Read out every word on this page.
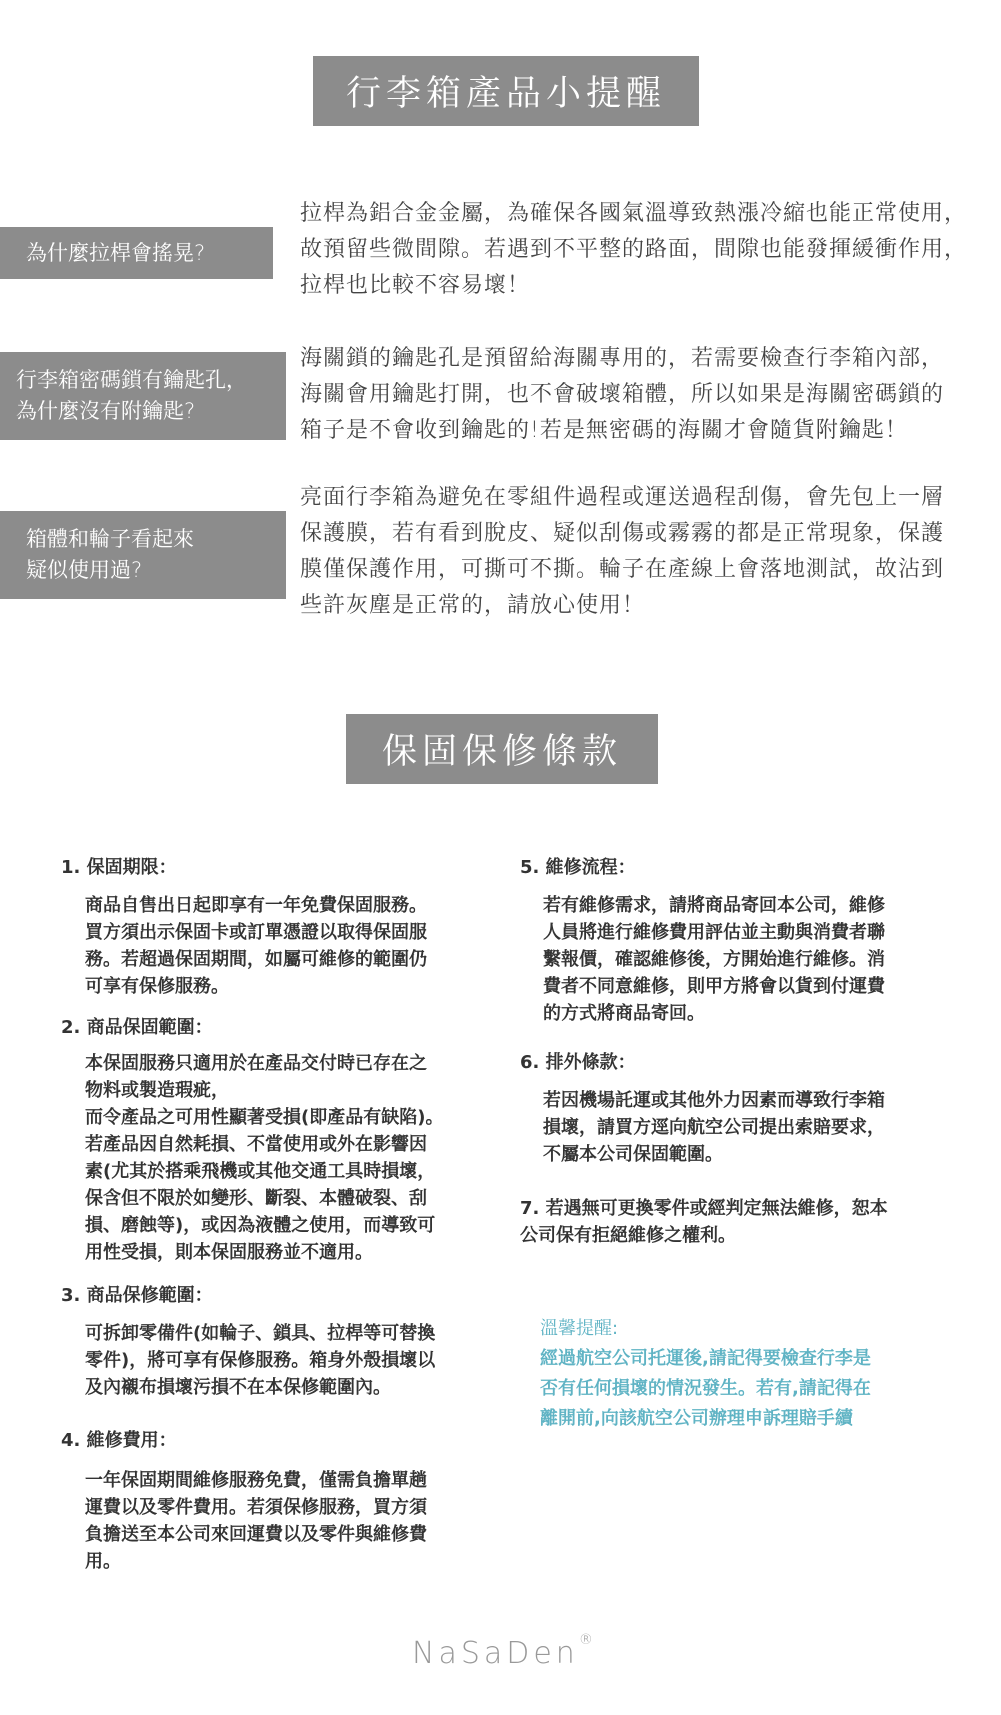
行李箱產品小提醒
為什麼拉桿會搖晃?
拉桿為鋁合金金屬，為確保各國氣溫導致熱漲冷縮也能正常使用，
故預留些微間隙。若遇到不平整的路面，間隙也能發揮緩衝作用，
拉桿也比較不容易壞！
行李箱密碼鎖有鑰匙孔，
為什麼沒有附鑰匙?
海關鎖的鑰匙孔是預留給海關專用的，若需要檢查行李箱內部，
海關會用鑰匙打開，也不會破壞箱體，所以如果是海關密碼鎖的
箱子是不會收到鑰匙的!若是無密碼的海關才會隨貨附鑰匙！
箱體和輪子看起來
疑似使用過?
亮面行李箱為避免在零組件過程或運送過程刮傷，會先包上一層
保護膜，若有看到脫皮、疑似刮傷或霧霧的都是正常現象，保護
膜僅保護作用，可撕可不撕。輪子在產線上會落地測試，故沾到
些許灰塵是正常的，請放心使用！
保固保修條款
1. 保固期限：
商品自售出日起即享有一年免費保固服務。
買方須出示保固卡或訂單憑證以取得保固服
務。若超過保固期間，如屬可維修的範圍仍
可享有保修服務。
2. 商品保固範圍：
本保固服務只適用於在產品交付時已存在之
物料或製造瑕疵，
而令產品之可用性顯著受損(即產品有缺陷)。
若產品因自然耗損、不當使用或外在影響因
素(尤其於搭乘飛機或其他交通工具時損壞，
保含但不限於如變形、斷裂、本體破裂、刮
損、磨蝕等)，或因為液體之使用，而導致可
用性受損，則本保固服務並不適用。
3. 商品保修範圍：
可拆卸零備件(如輪子、鎖具、拉桿等可替換
零件)，將可享有保修服務。箱身外殼損壞以
及內襯布損壞污損不在本保修範圍內。
4. 維修費用：
一年保固期間維修服務免費，僅需負擔單趟
運費以及零件費用。若須保修服務，買方須
負擔送至本公司來回運費以及零件與維修費
用。
5. 維修流程：
若有維修需求，請將商品寄回本公司，維修
人員將進行維修費用評估並主動與消費者聯
繫報價，確認維修後，方開始進行維修。消
費者不同意維修，則甲方將會以貨到付運費
的方式將商品寄回。
6. 排外條款：
若因機場託運或其他外力因素而導致行李箱
損壞，請買方逕向航空公司提出索賠要求，
不屬本公司保固範圍。
7. 若遇無可更換零件或經判定無法維修，恕本
公司保有拒絕維修之權利。
溫馨提醒:
經過航空公司托運後,請記得要檢查行李是
否有任何損壞的情況發生。若有,請記得在
離開前,向該航空公司辦理申訴理賠手續
NaSaDen®
